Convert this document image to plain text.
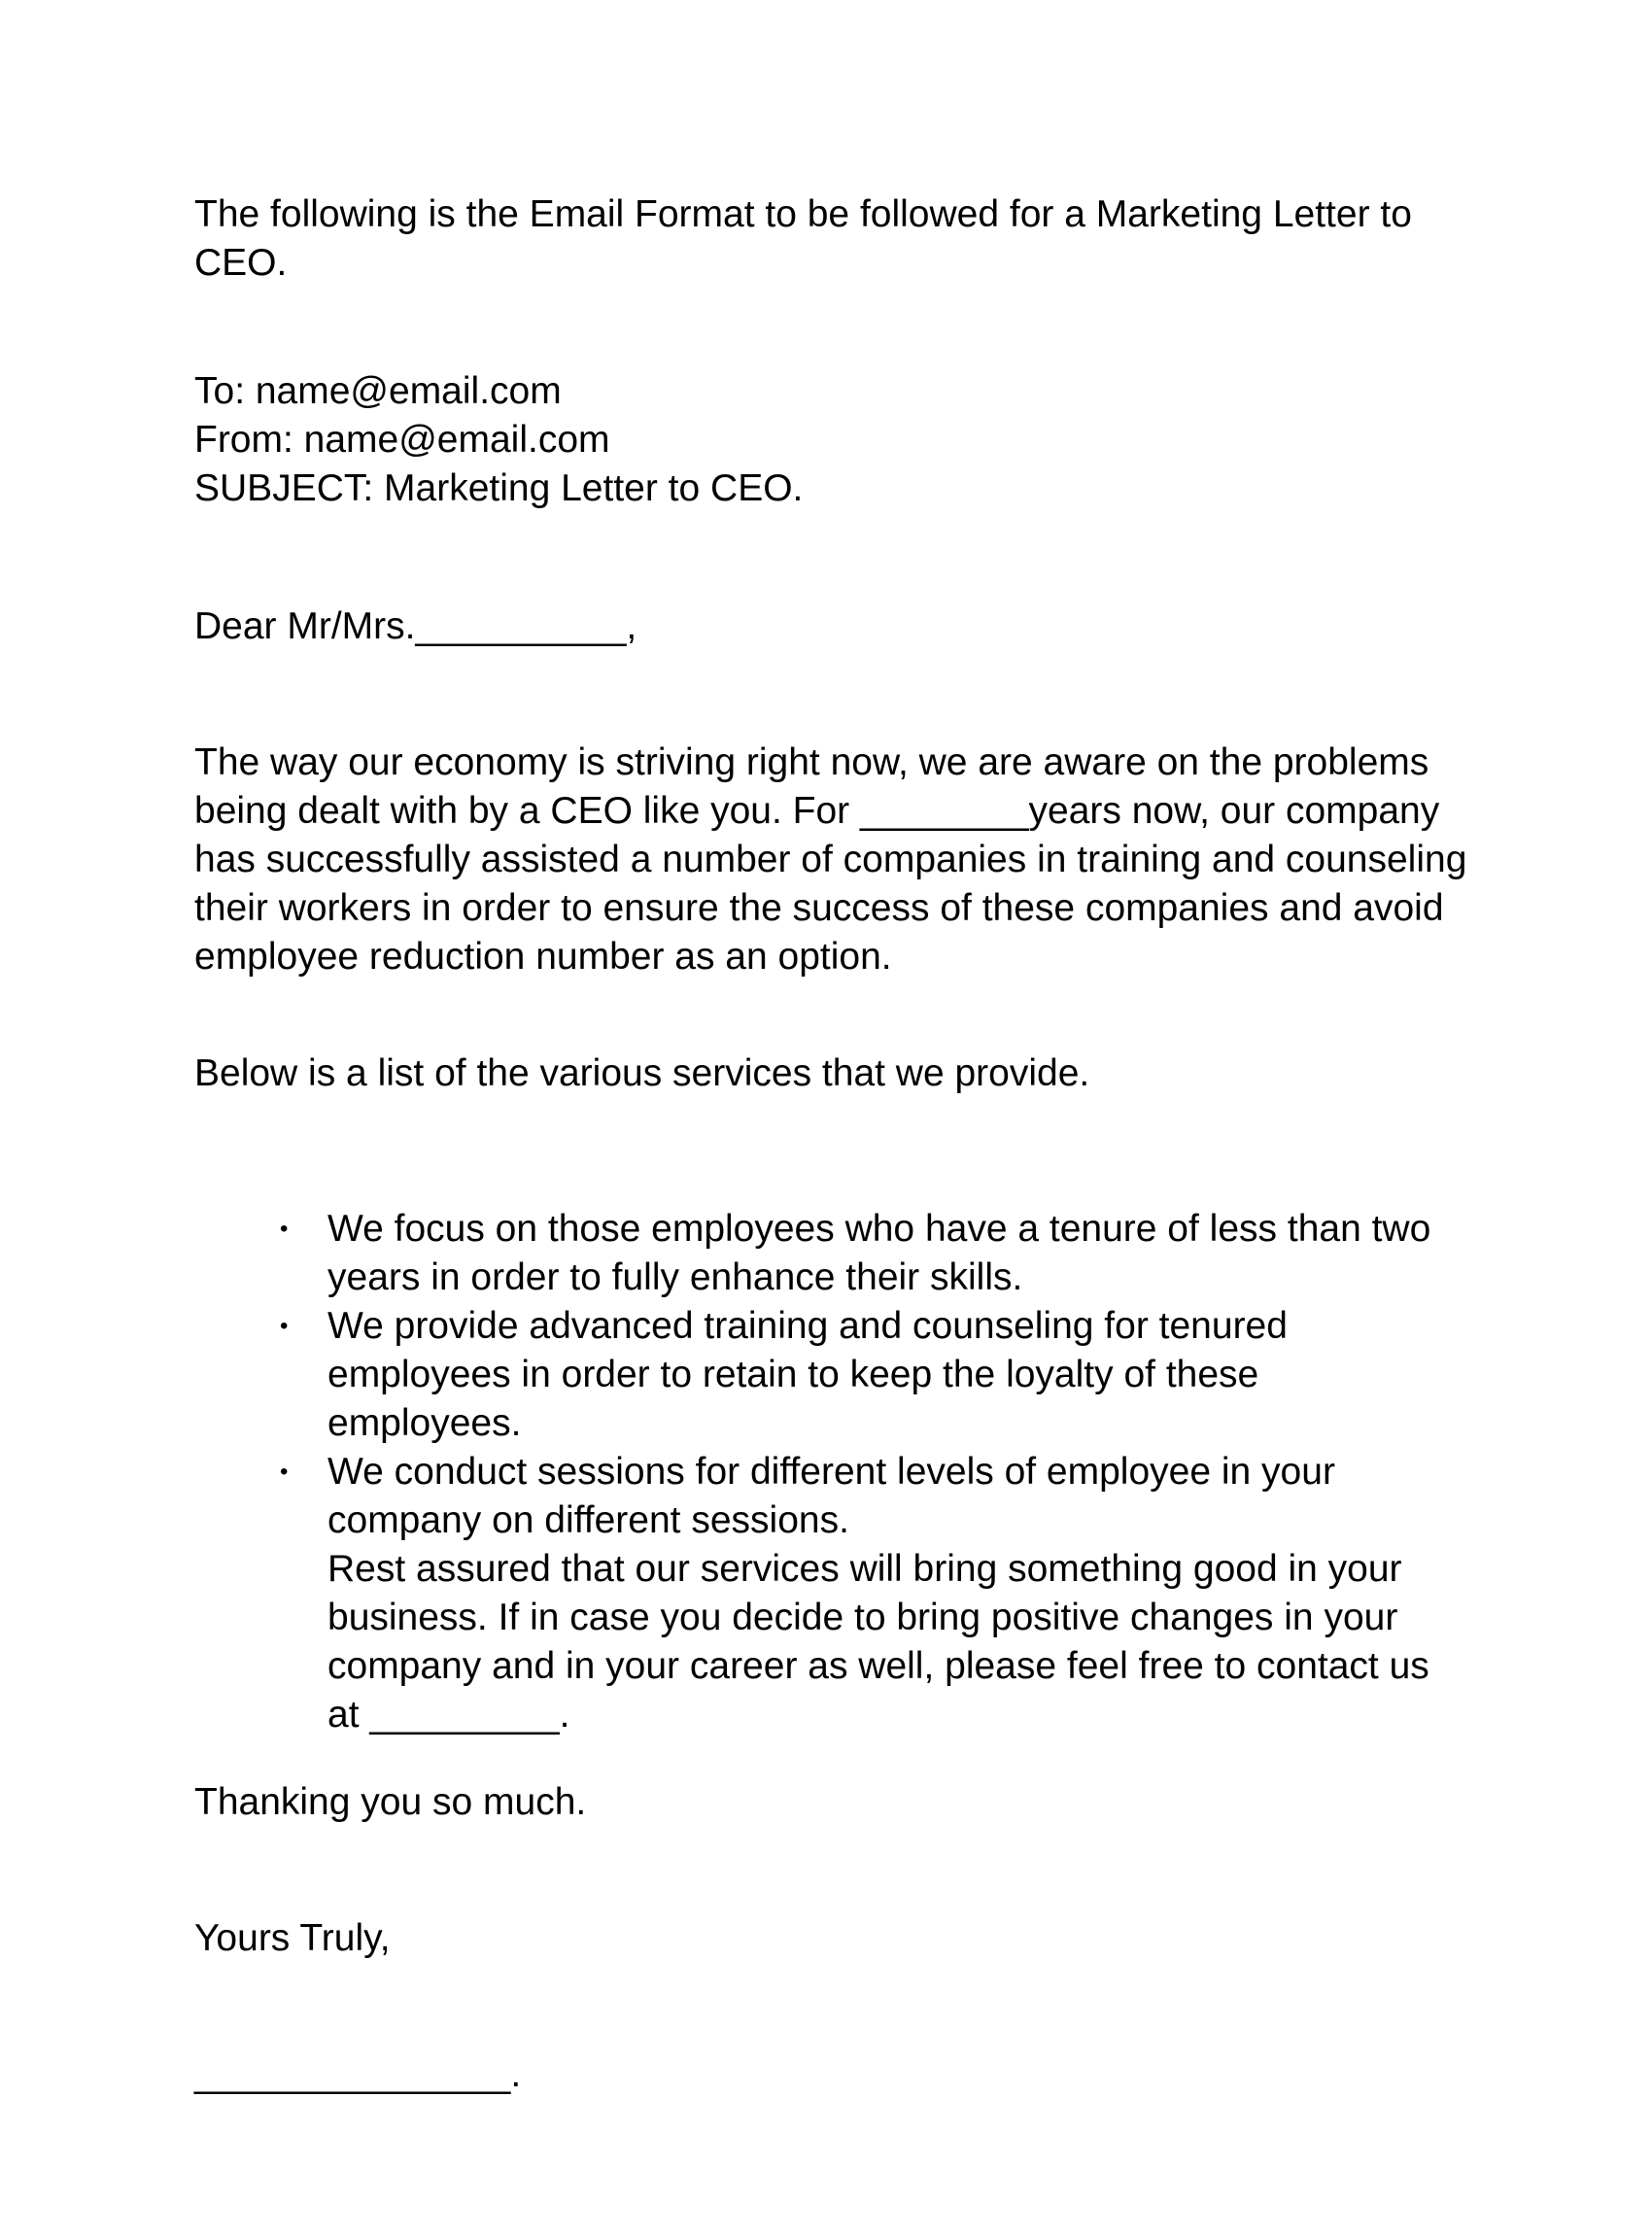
The following is the Email Format to be followed for a Marketing Letter to CEO.

To: name@email.com

From: name@email.com

SUBJECT: Marketing Letter to CEO.

Dear Mr/Mrs.__________,

The way our economy is striving right now, we are aware on the problems being dealt with by a CEO like you. For ________years now, our company has successfully assisted a number of companies in training and counseling their workers in order to ensure the success of these companies and avoid employee reduction number as an option.

Below is a list of the various services that we provide.

• We focus on those employees who have a tenure of less than two years in order to fully enhance their skills.
• We provide advanced training and counseling for tenured employees in order to retain to keep the loyalty of these employees.
• We conduct sessions for different levels of employee in your company on different sessions.

Rest assured that our services will bring something good in your business. If in case you decide to bring positive changes in your company and in your career as well, please feel free to contact us at _________.

Thanking you so much.

Yours Truly,

_______________.
